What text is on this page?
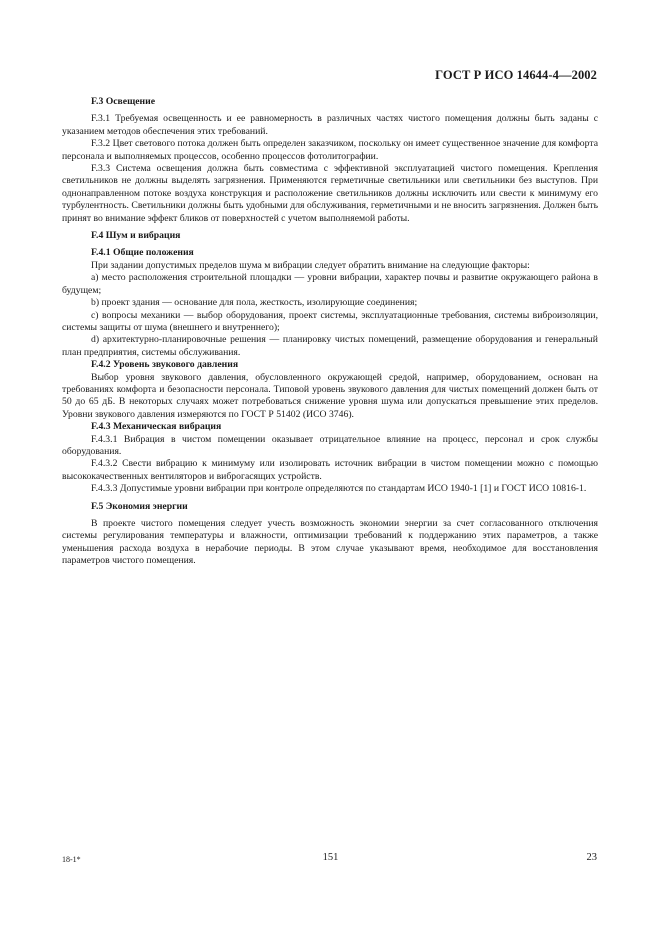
ГОСТ Р ИСО 14644-4—2002
F.3 Освещение

F.3.1 Требуемая освещенность и ее равномерность в различных частях чистого помещения должны быть заданы с указанием методов обеспечения этих требований.

F.3.2 Цвет светового потока должен быть определен заказчиком, поскольку он имеет существенное значение для комфорта персонала и выполняемых процессов, особенно процессов фотолитографии.

F.3.3 Система освещения должна быть совместима с эффективной эксплуатацией чистого помещения. Крепления светильников не должны выделять загрязнения. Применяются герметичные светильники или светильники без выступов. При однонаправленном потоке воздуха конструкция и расположение светильников должны исключить или свести к минимуму его турбулентность. Светильники должны быть удобными для обслуживания, герметичными и не вносить загрязнения. Должен быть принят во внимание эффект бликов от поверхностей с учетом выполняемой работы.

F.4 Шум и вибрация
F.4.1 Общие положения

При задании допустимых пределов шума м вибрации следует обратить внимание на следующие факторы:

а) место расположения строительной площадки — уровни вибрации, характер почвы и развитие окружающего района в будущем;

b) проект здания — основание для пола, жесткость, изолирующие соединения;

с) вопросы механики — выбор оборудования, проект системы, эксплуатационные требования, системы виброизоляции, системы защиты от шума (внешнего и внутреннего);

d) архитектурно-планировочные решения — планировку чистых помещений, размещение оборудования и генеральный план предприятия, системы обслуживания.

F.4.2 Уровень звукового давления

Выбор уровня звукового давления, обусловленного окружающей средой, например, оборудованием, основан на требованиях комфорта и безопасности персонала. Типовой уровень звукового давления для чистых помещений должен быть от 50 до 65 дБ. В некоторых случаях может потребоваться снижение уровня шума или допускаться превышение этих пределов. Уровни звукового давления измеряются по ГОСТ Р 51402 (ИСО 3746).

F.4.3 Механическая вибрация

F.4.3.1 Вибрация в чистом помещении оказывает отрицательное влияние на процесс, персонал и срок службы оборудования.

F.4.3.2 Свести вибрацию к минимуму или изолировать источник вибрации в чистом помещении можно с помощью высококачественных вентиляторов и виброгасящих устройств.

F.4.3.3 Допустимые уровни вибрации при контроле определяются по стандартам ИСО 1940-1 [1] и ГОСТ ИСО 10816-1.

F.5 Экономия энергии

В проекте чистого помещения следует учесть возможность экономии энергии за счет согласованного отключения системы регулирования температуры и влажности, оптимизации требований к поддержанию этих параметров, а также уменьшения расхода воздуха в нерабочие периоды. В этом случае указывают время, необходимое для восстановления параметров чистого помещения.

18-1*	151	23
